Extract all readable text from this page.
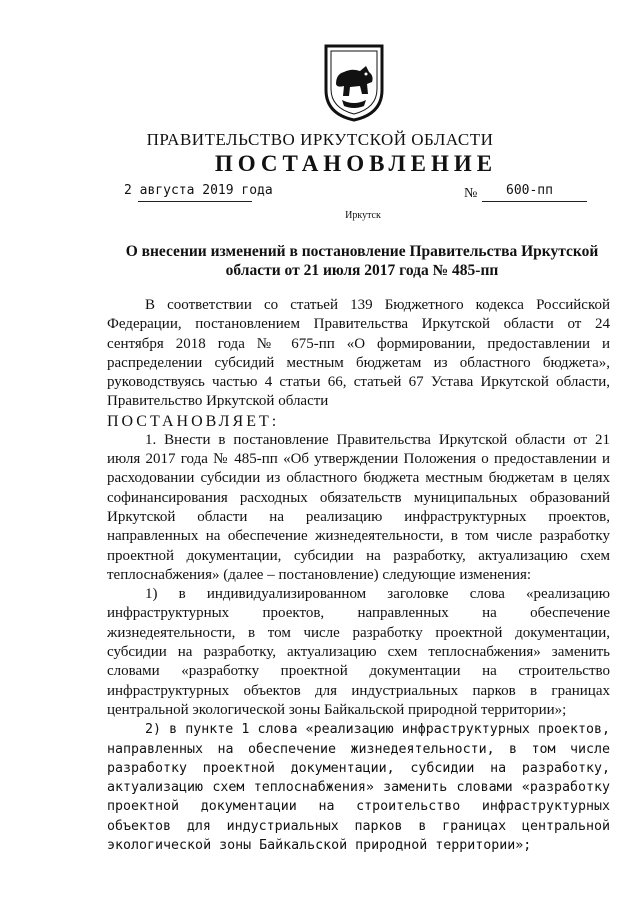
ПРАВИТЕЛЬСТВО ИРКУТСКОЙ ОБЛАСТИ
ПОСТАНОВЛЕНИЕ
2 августа 2019 года	№ 600-пп
Иркутск
О внесении изменений в постановление Правительства Иркутской области от 21 июля 2017 года № 485-пп

В соответствии со статьей 139 Бюджетного кодекса Российской Федерации, постановлением Правительства Иркутской области от 24 сентября 2018 года № 675-пп «О формировании, предоставлении и распределении субсидий местным бюджетам из областного бюджета», руководствуясь частью 4 статьи 66, статьей 67 Устава Иркутской области, Правительство Иркутской области

ПОСТАНОВЛЯЕТ:

1. Внести в постановление Правительства Иркутской области от 21 июля 2017 года № 485-пп «Об утверждении Положения о предоставлении и расходовании субсидии из областного бюджета местным бюджетам в целях софинансирования расходных обязательств муниципальных образований Иркутской области на реализацию инфраструктурных проектов, направленных на обеспечение жизнедеятельности, в том числе разработку проектной документации, субсидии на разработку, актуализацию схем теплоснабжения» (далее – постановление) следующие изменения:

1) в индивидуализированном заголовке слова «реализацию инфраструктурных проектов, направленных на обеспечение жизнедеятельности, в том числе разработку проектной документации, субсидии на разработку, актуализацию схем теплоснабжения» заменить словами «разработку проектной документации на строительство инфраструктурных объектов для индустриальных парков в границах центральной экологической зоны Байкальской природной территории»;

2) в пункте 1 слова «реализацию инфраструктурных проектов, направленных на обеспечение жизнедеятельности, в том числе разработку проектной документации, субсидии на разработку, актуализацию схем теплоснабжения» заменить словами «разработку проектной документации на строительство инфраструктурных объектов для индустриальных парков в границах центральной экологической зоны Байкальской природной территории»;
